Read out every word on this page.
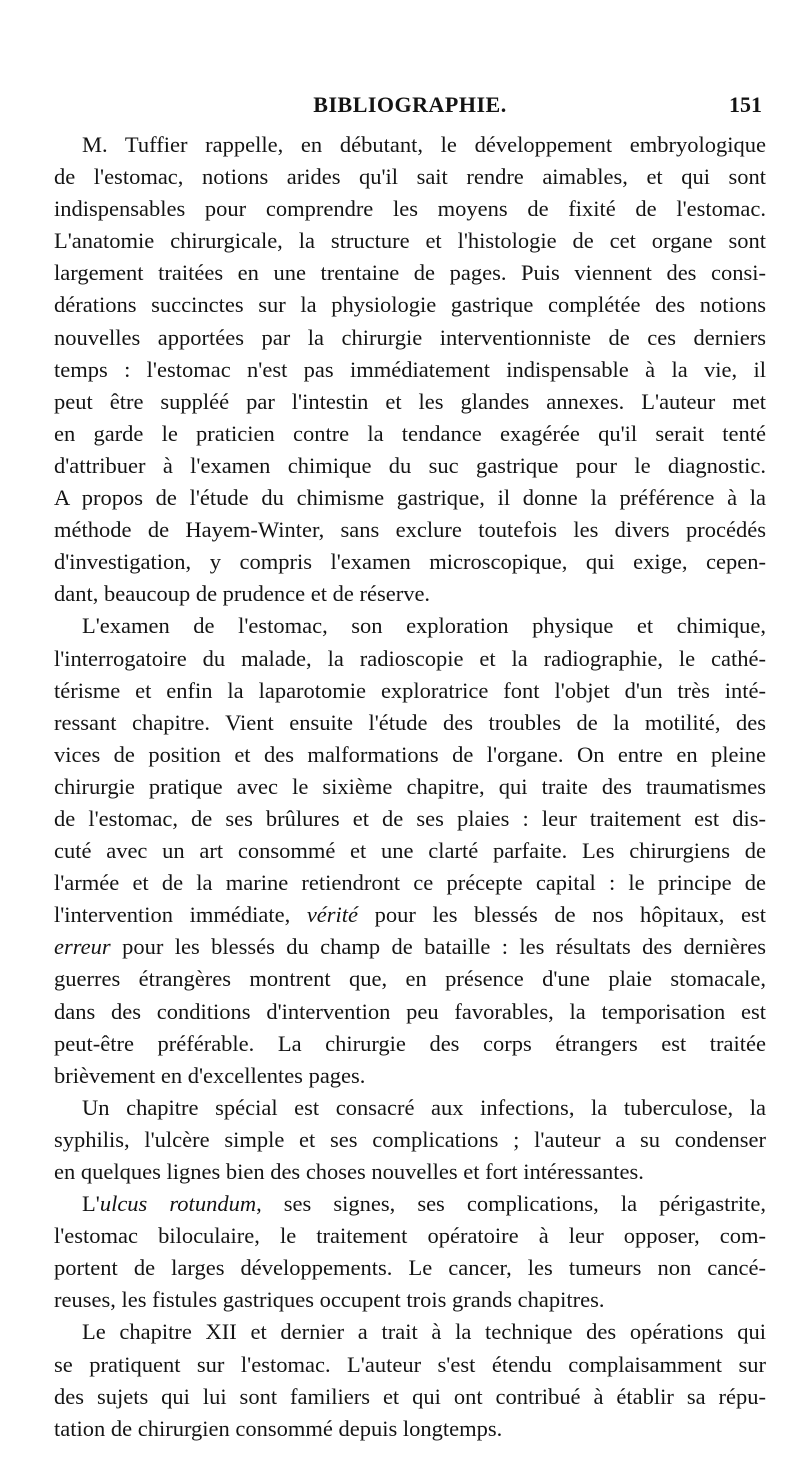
BIBLIOGRAPHIE.	151
M. Tuffier rappelle, en débutant, le développement embryologique
de l'estomac, notions arides qu'il sait rendre aimables, et qui sont
indispensables pour comprendre les moyens de fixité de l'estomac.
L'anatomie chirurgicale, la structure et l'histologie de cet organe sont
largement traitées en une trentaine de pages. Puis viennent des consi-
dérations succinctes sur la physiologie gastrique complétée des notions
nouvelles apportées par la chirurgie interventionniste de ces derniers
temps : l'estomac n'est pas immédiatement indispensable à la vie, il
peut être suppléé par l'intestin et les glandes annexes. L'auteur met
en garde le praticien contre la tendance exagérée qu'il serait tenté
d'attribuer à l'examen chimique du suc gastrique pour le diagnostic.
A propos de l'étude du chimisme gastrique, il donne la préférence à la
méthode de Hayem-Winter, sans exclure toutefois les divers procédés
d'investigation, y compris l'examen microscopique, qui exige, cepen-
dant, beaucoup de prudence et de réserve.
L'examen de l'estomac, son exploration physique et chimique,
l'interrogatoire du malade, la radioscopie et la radiographie, le cathé-
térisme et enfin la laparotomie exploratrice font l'objet d'un très inté-
ressant chapitre. Vient ensuite l'étude des troubles de la motilité, des
vices de position et des malformations de l'organe. On entre en pleine
chirurgie pratique avec le sixième chapitre, qui traite des traumatismes
de l'estomac, de ses brûlures et de ses plaies : leur traitement est dis-
cuté avec un art consommé et une clarté parfaite. Les chirurgiens de
l'armée et de la marine retiendront ce précepte capital : le principe de
l'intervention immédiate, vérité pour les blessés de nos hôpitaux, est
erreur pour les blessés du champ de bataille : les résultats des dernières
guerres étrangères montrent que, en présence d'une plaie stomacale,
dans des conditions d'intervention peu favorables, la temporisation est
peut-être préférable. La chirurgie des corps étrangers est traitée
brièvement en d'excellentes pages.
Un chapitre spécial est consacré aux infections, la tuberculose, la
syphilis, l'ulcère simple et ses complications ; l'auteur a su condenser
en quelques lignes bien des choses nouvelles et fort intéressantes.
L'ulcus rotundum, ses signes, ses complications, la périgastrite,
l'estomac biloculaire, le traitement opératoire à leur opposer, com-
portent de larges développements. Le cancer, les tumeurs non cancé-
reuses, les fistules gastriques occupent trois grands chapitres.
Le chapitre XII et dernier a trait à la technique des opérations qui
se pratiquent sur l'estomac. L'auteur s'est étendu complaisamment sur
des sujets qui lui sont familiers et qui ont contribué à établir sa répu-
tation de chirurgien consommé depuis longtemps.
